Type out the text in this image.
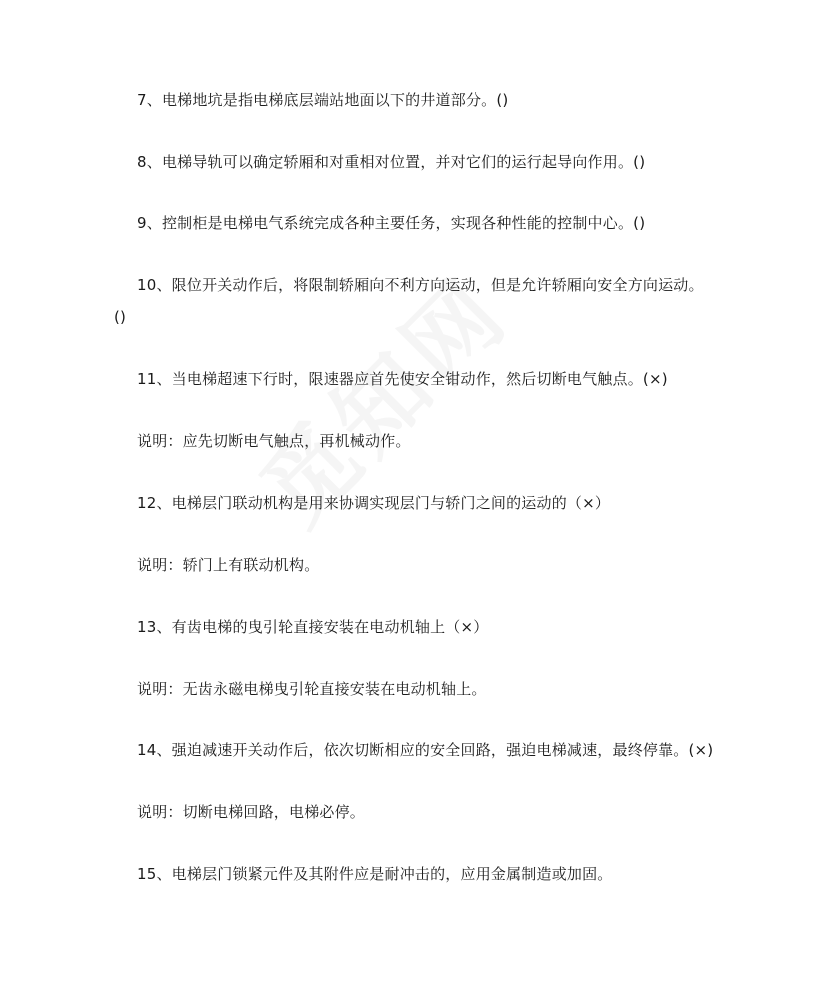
7、电梯地坑是指电梯底层端站地面以下的井道部分。()
8、电梯导轨可以确定轿厢和对重相对位置，并对它们的运行起导向作用。()
9、控制柜是电梯电气系统完成各种主要任务，实现各种性能的控制中心。()
10、限位开关动作后，将限制轿厢向不利方向运动，但是允许轿厢向安全方向运动。
()
11、当电梯超速下行时，限速器应首先使安全钳动作，然后切断电气触点。(×)
说明：应先切断电气触点，再机械动作。
12、电梯层门联动机构是用来协调实现层门与轿门之间的运动的（×）
说明：轿门上有联动机构。
13、有齿电梯的曳引轮直接安装在电动机轴上（×）
说明：无齿永磁电梯曳引轮直接安装在电动机轴上。
14、强迫减速开关动作后，依次切断相应的安全回路，强迫电梯减速，最终停靠。(×)
说明：切断电梯回路，电梯必停。
15、电梯层门锁紧元件及其附件应是耐冲击的，应用金属制造或加固。
